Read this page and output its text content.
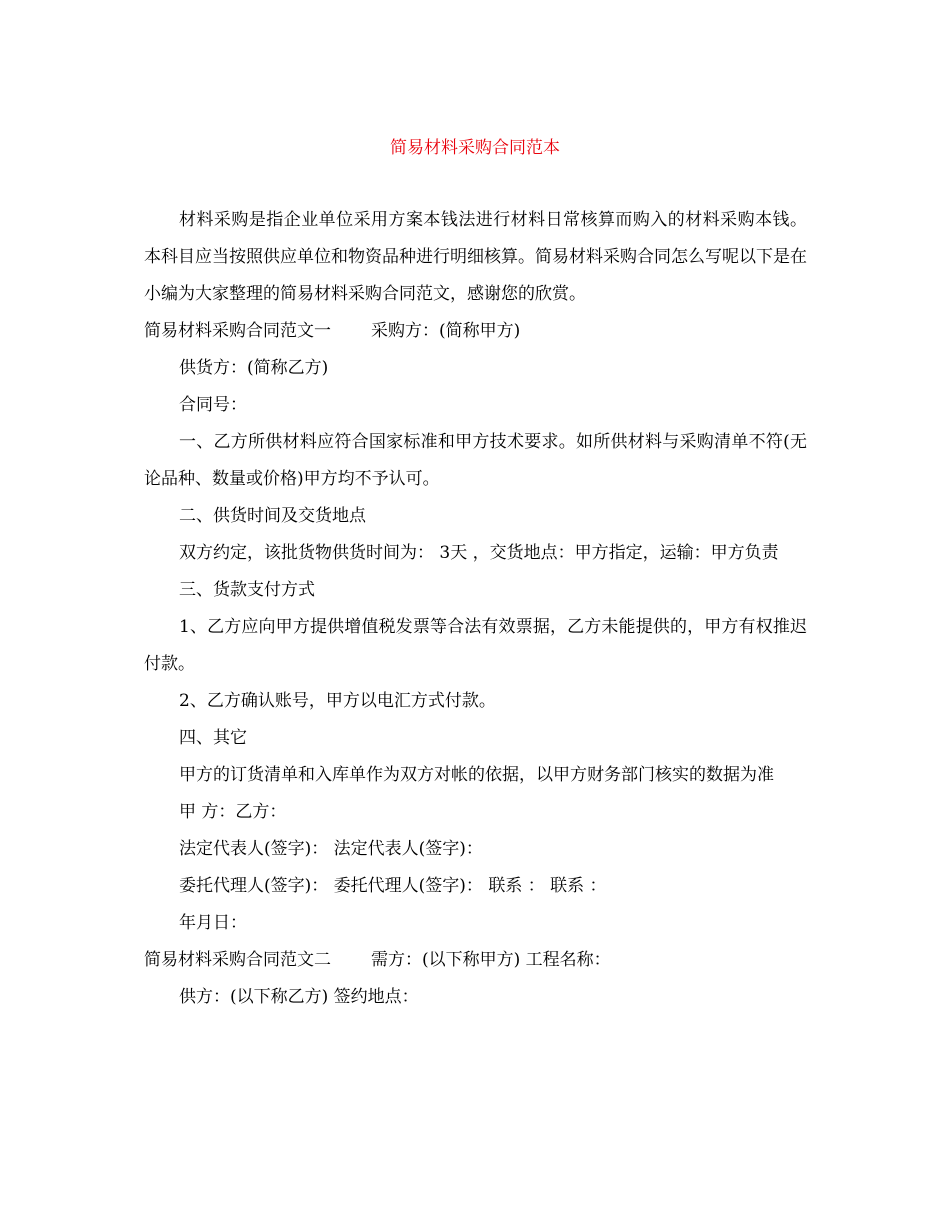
简易材料采购合同范本

材料采购是指企业单位采用方案本钱法进行材料日常核算而购入的材料采购本钱。本科目应当按照供应单位和物资品种进行明细核算。简易材料采购合同怎么写呢以下是在小编为大家整理的简易材料采购合同范文，感谢您的欣赏。

简易材料采购合同范文一 采购方：(简称甲方)

供货方：(简称乙方)

合同号：

一、乙方所供材料应符合国家标准和甲方技术要求。如所供材料与采购清单不符(无论品种、数量或价格)甲方均不予认可。

二、供货时间及交货地点

双方约定，该批货物供货时间为： 3天 ，交货地点：甲方指定，运输：甲方负责

三、货款支付方式

1、乙方应向甲方提供增值税发票等合法有效票据，乙方未能提供的，甲方有权推迟付款。

2、乙方确认账号，甲方以电汇方式付款。

四、其它

甲方的订货清单和入库单作为双方对帐的依据，以甲方财务部门核实的数据为准

甲 方：乙方：

法定代表人(签字)： 法定代表人(签字)：

委托代理人(签字)： 委托代理人(签字)： 联系 ： 联系 ：

年月日：

简易材料采购合同范文二 需方：(以下称甲方) 工程名称：

供方：(以下称乙方) 签约地点：
